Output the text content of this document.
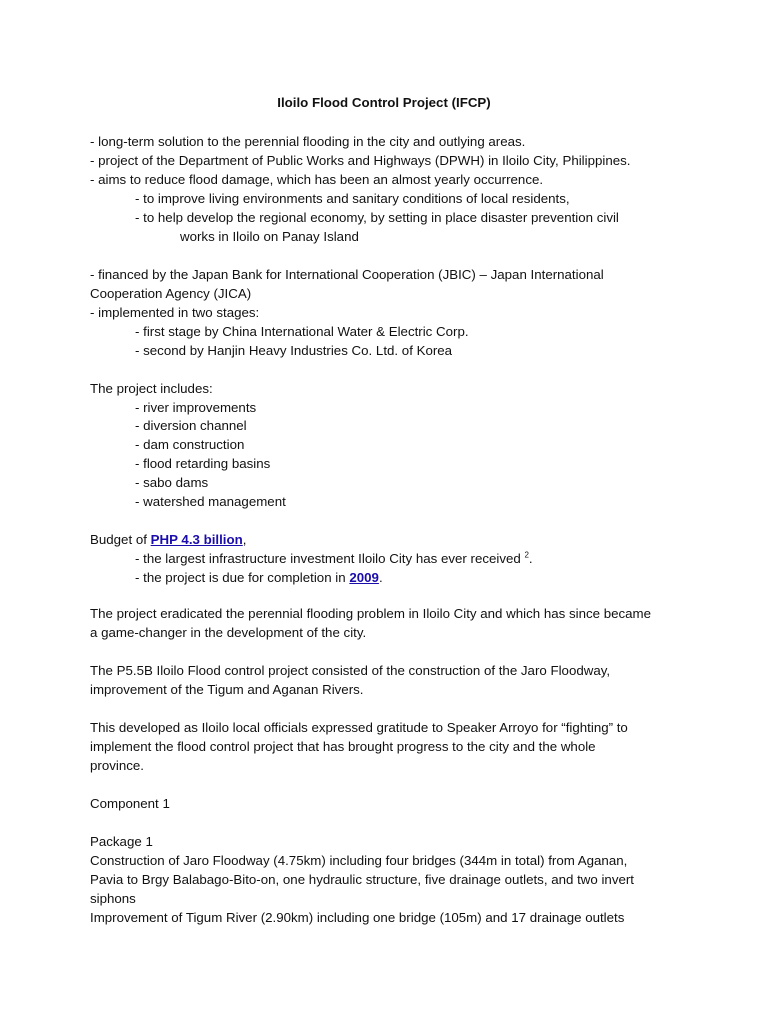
Iloilo Flood Control Project (IFCP)
- long-term solution to the perennial flooding in the city and outlying areas.
- project of the Department of Public Works and Highways (DPWH) in Iloilo City, Philippines.
- aims to reduce flood damage, which has been an almost yearly occurrence.
- to improve living environments and sanitary conditions of local residents,
- to help develop the regional economy, by setting in place disaster prevention civil
works in Iloilo on Panay Island
- financed by the Japan Bank for International Cooperation (JBIC) – Japan International
Cooperation Agency (JICA)
- implemented in two stages:
- first stage by China International Water & Electric Corp.
- second by Hanjin Heavy Industries Co. Ltd. of Korea
The project includes:
- river improvements
- diversion channel
- dam construction
- flood retarding basins
- sabo dams
- watershed management
Budget of PHP 4.3 billion,
- the largest infrastructure investment Iloilo City has ever received $^2$.
- the project is due for completion in 2009.
The project eradicated the perennial flooding problem in Iloilo City and which has since became
a game-changer in the development of the city.
The P5.5B Iloilo Flood control project consisted of the construction of the Jaro Floodway,
improvement of the Tigum and Aganan Rivers.
This developed as Iloilo local officials expressed gratitude to Speaker Arroyo for “fighting” to
implement the flood control project that has brought progress to the city and the whole
province.
Component 1
Package 1
Construction of Jaro Floodway (4.75km) including four bridges (344m in total) from Aganan,
Pavia to Brgy Balabago-Bito-on, one hydraulic structure, five drainage outlets, and two invert
siphons
Improvement of Tigum River (2.90km) including one bridge (105m) and 17 drainage outlets
